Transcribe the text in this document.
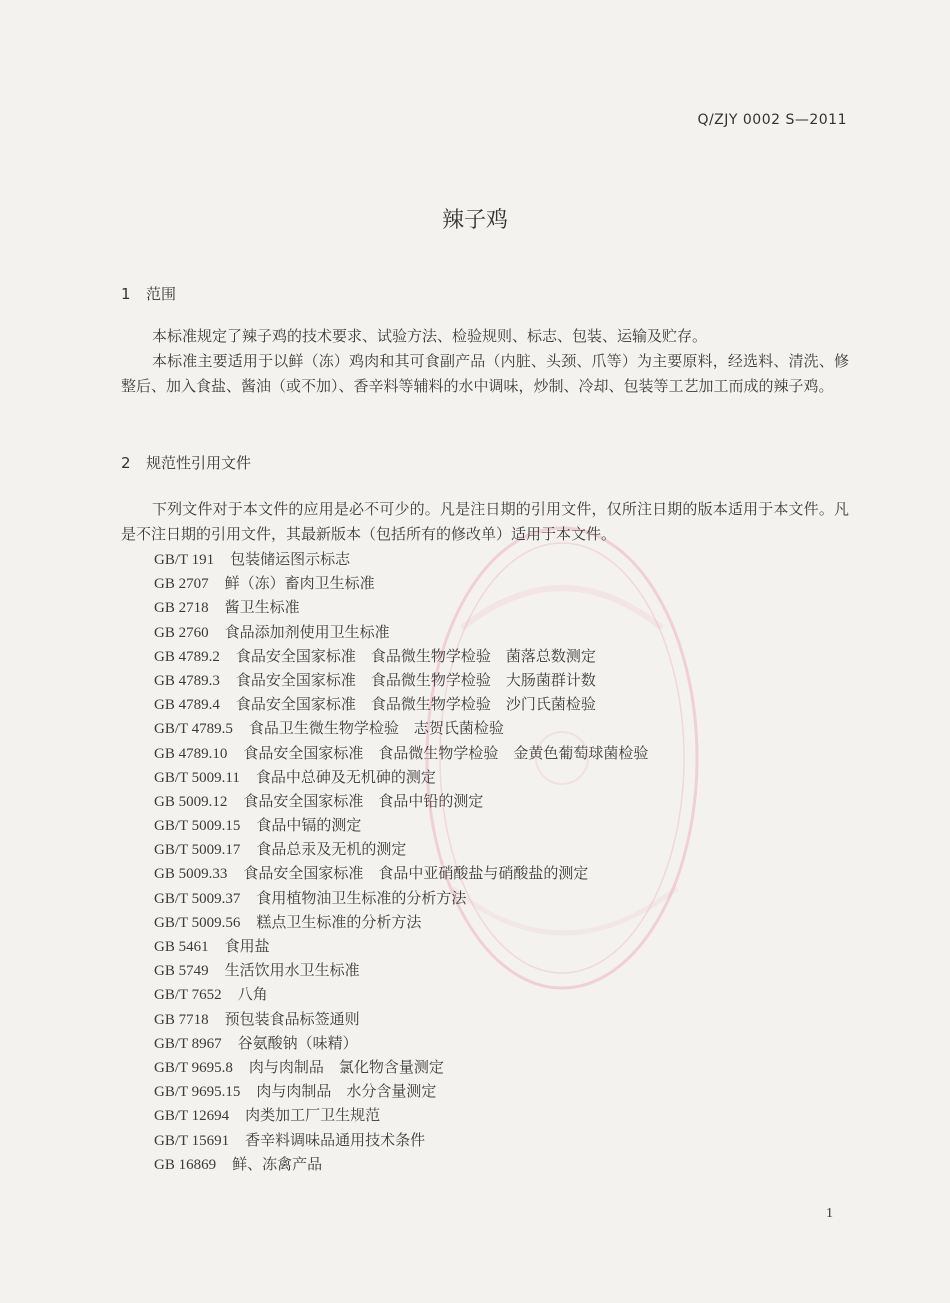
Q/ZJY 0002 S—2011
辣子鸡
1 范围
本标准规定了辣子鸡的技术要求、试验方法、检验规则、标志、包装、运输及贮存。
本标准主要适用于以鲜（冻）鸡肉和其可食副产品（内脏、头颈、爪等）为主要原料，经选料、清洗、修整后、加入食盐、酱油（或不加）、香辛料等辅料的水中调味，炒制、冷却、包装等工艺加工而成的辣子鸡。
2 规范性引用文件
下列文件对于本文件的应用是必不可少的。凡是注日期的引用文件，仅所注日期的版本适用于本文件。凡是不注日期的引用文件，其最新版本（包括所有的修改单）适用于本文件。
GB/T 191 包装储运图示标志
GB 2707 鲜（冻）畜肉卫生标准
GB 2718 酱卫生标准
GB 2760 食品添加剂使用卫生标准
GB 4789.2 食品安全国家标准　食品微生物学检验　菌落总数测定
GB 4789.3 食品安全国家标准　食品微生物学检验　大肠菌群计数
GB 4789.4 食品安全国家标准　食品微生物学检验　沙门氏菌检验
GB/T 4789.5 食品卫生微生物学检验　志贺氏菌检验
GB 4789.10 食品安全国家标准　食品微生物学检验　金黄色葡萄球菌检验
GB/T 5009.11 食品中总砷及无机砷的测定
GB 5009.12 食品安全国家标准　食品中铅的测定
GB/T 5009.15 食品中镉的测定
GB/T 5009.17 食品总汞及无机的测定
GB 5009.33 食品安全国家标准　食品中亚硝酸盐与硝酸盐的测定
GB/T 5009.37 食用植物油卫生标准的分析方法
GB/T 5009.56 糕点卫生标准的分析方法
GB 5461 食用盐
GB 5749 生活饮用水卫生标准
GB/T 7652 八角
GB 7718 预包装食品标签通则
GB/T 8967 谷氨酸钠（味精）
GB/T 9695.8 肉与肉制品　氯化物含量测定
GB/T 9695.15 肉与肉制品　水分含量测定
GB/T 12694 肉类加工厂卫生规范
GB/T 15691 香辛料调味品通用技术条件
GB 16869 鲜、冻禽产品
1
